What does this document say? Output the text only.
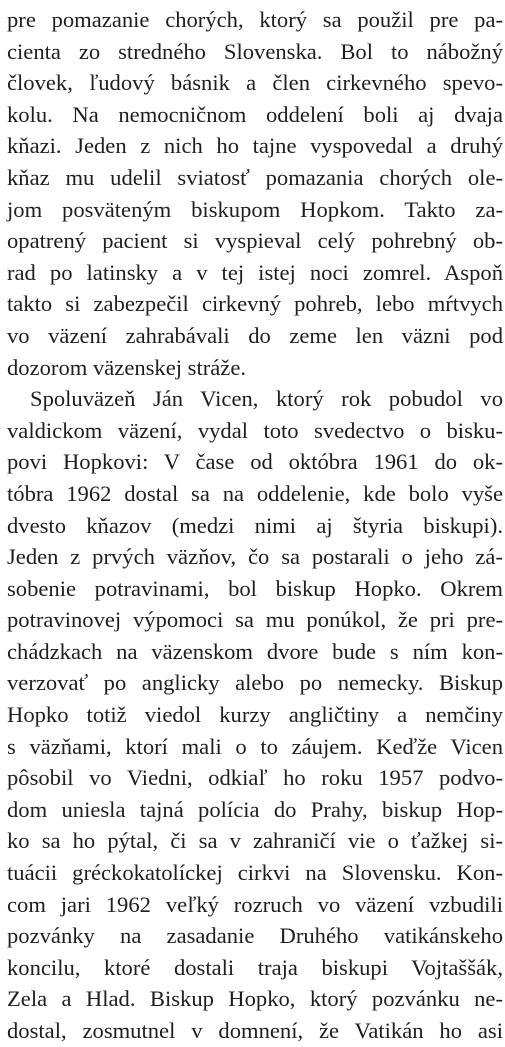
pre pomazanie chorých, ktorý sa použil pre pa-
cienta zo stredného Slovenska. Bol to nábožný
človek, ľudový básnik a člen cirkevného spevo-
kolu. Na nemocničnom oddelení boli aj dvaja
kňazi. Jeden z nich ho tajne vyspovedal a druhý
kňaz mu udelil sviatosť pomazania chorých ole-
jom posväteným biskupom Hopkom. Takto za-
opatrený pacient si vyspieval celý pohrebný ob-
rad po latinsky a v tej istej noci zomrel. Aspoň
takto si zabezpečil cirkevný pohreb, lebo mŕtvych
vo väzení zahrabávali do zeme len väzni pod
dozorom väzenskej stráže.
Spoluväzeň Ján Vicen, ktorý rok pobudol vo
valdickom väzení, vydal toto svedectvo o bisku-
povi Hopkovi: V čase od októbra 1961 do ok-
tóbra 1962 dostal sa na oddelenie, kde bolo vyše
dvesto kňazov (medzi nimi aj štyria biskupi).
Jeden z prvých väzňov, čo sa postarali o jeho zá-
sobenie potravinami, bol biskup Hopko. Okrem
potravinovej výpomoci sa mu ponúkol, že pri pre-
chádzkach na väzenskom dvore bude s ním kon-
verzovať po anglicky alebo po nemecky. Biskup
Hopko totiž viedol kurzy angličtiny a nemčiny
s väzňami, ktorí mali o to záujem. Keďže Vicen
pôsobil vo Viedni, odkiaľ ho roku 1957 podvo-
dom uniesla tajná polícia do Prahy, biskup Hop-
ko sa ho pýtal, či sa v zahraničí vie o ťažkej si-
tuácii gréckokatolíckej cirkvi na Slovensku. Kon-
com jari 1962 veľký rozruch vo väzení vzbudili
pozvánky na zasadanie Druhého vatikánskeho
koncilu, ktoré dostali traja biskupi Vojtaššák,
Zela a Hlad. Biskup Hopko, ktorý pozvánku ne-
dostal, zosmutnel v domnení, že Vatikán ho asi
